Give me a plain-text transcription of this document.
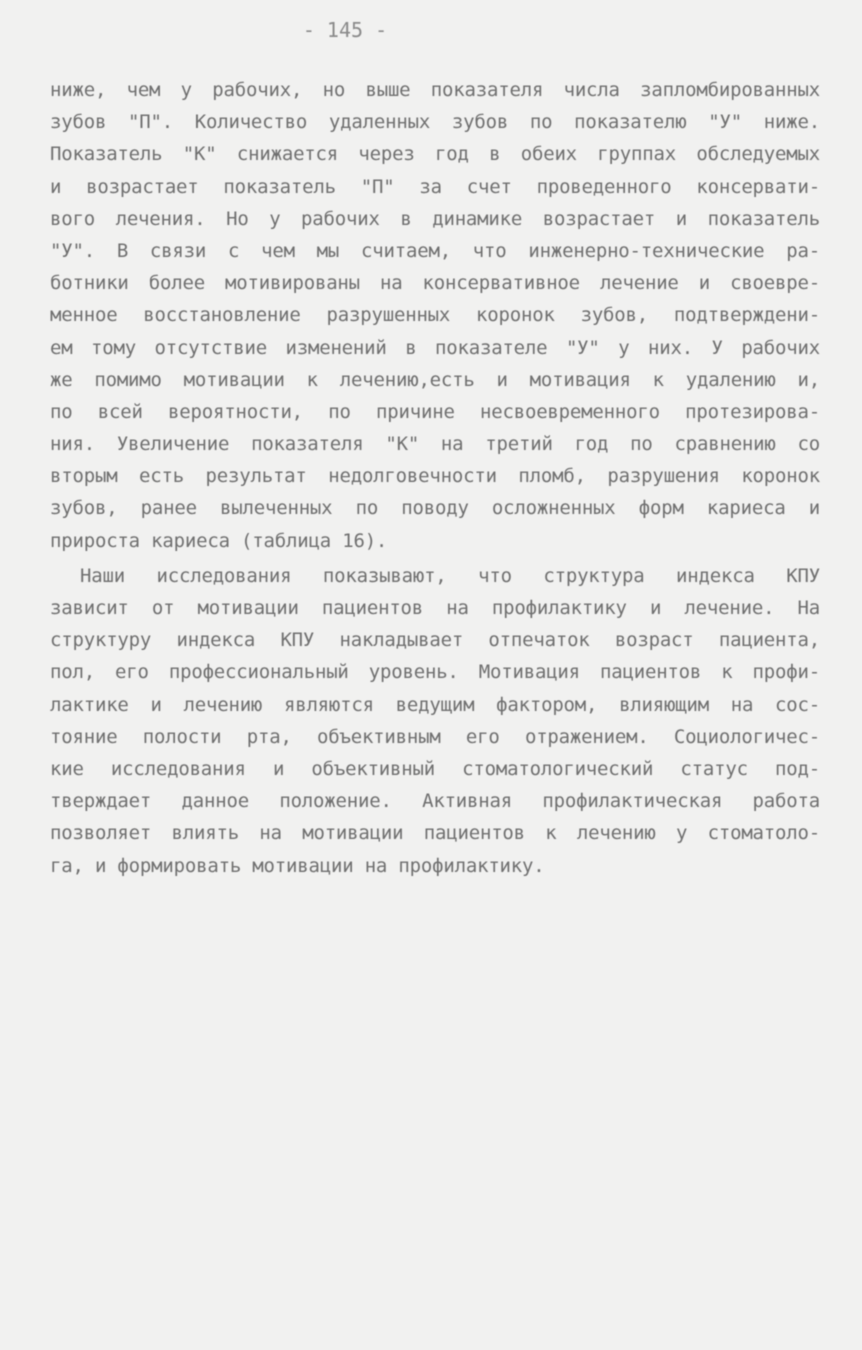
- 145 -
ниже, чем у рабочих, но выше показателя числа запломбированных
зубов "П". Количество удаленных зубов по показателю "У" ниже.
Показатель "К" снижается через год в обеих группах обследуемых
и возрастает показатель "П" за счет проведенного консервати-
вого лечения. Но у рабочих в динамике возрастает и показатель
"У". В связи с чем мы считаем, что инженерно-технические ра-
ботники более мотивированы на консервативное лечение и своевре-
менное восстановление разрушенных коронок зубов, подтверждени-
ем тому отсутствие изменений в показателе "У" у них. У рабочих
же помимо мотивации к лечению,есть и мотивация к удалению и,
по всей вероятности, по причине несвоевременного протезирова-
ния. Увеличение показателя "К" на третий год по сравнению со
вторым есть результат недолговечности пломб, разрушения коронок
зубов, ранее вылеченных по поводу осложненных форм кариеса и
прироста кариеса (таблица 16).
Наши исследования показывают, что структура индекса КПУ
зависит от мотивации пациентов на профилактику и лечение. На
структуру индекса КПУ накладывает отпечаток возраст пациента,
пол, его профессиональный уровень. Мотивация пациентов к профи-
лактике и лечению являются ведущим фактором, влияющим на сос-
тояние полости рта, объективным его отражением. Социологичес-
кие исследования и объективный стоматологический статус под-
тверждает данное положение. Активная профилактическая работа
позволяет влиять на мотивации пациентов к лечению у стоматоло-
га, и формировать мотивации на профилактику.
